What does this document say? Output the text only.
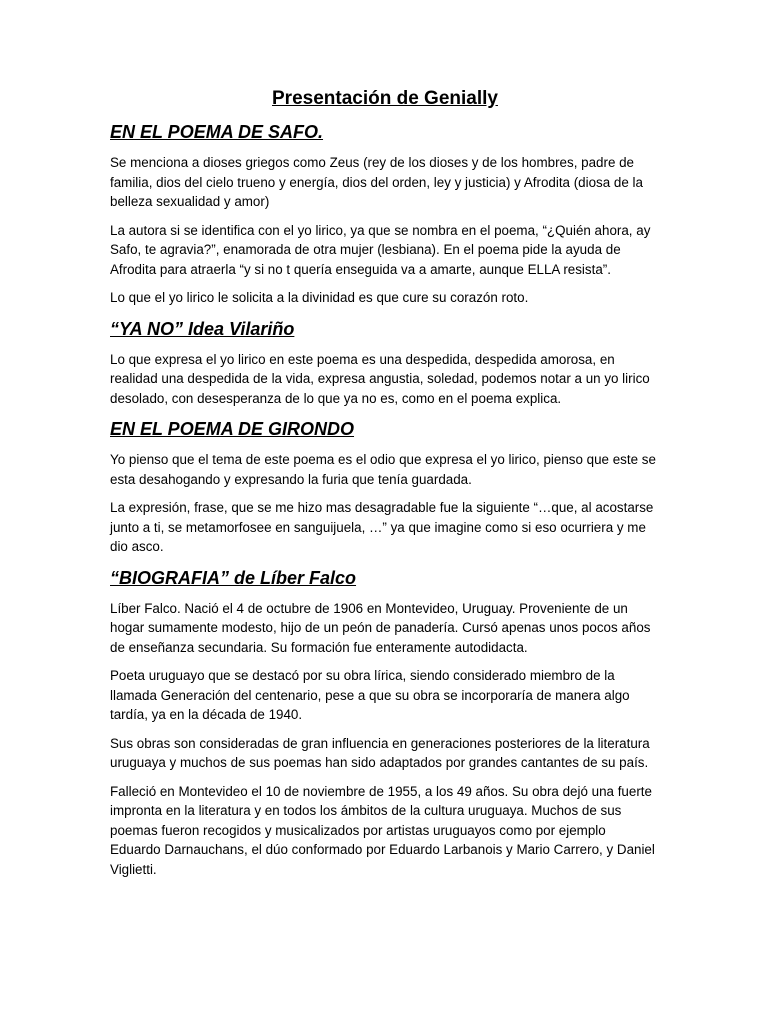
Presentación de Genially
EN EL POEMA DE SAFO.

Se menciona a dioses griegos como Zeus (rey de los dioses y de los hombres, padre de familia, dios del cielo trueno y energía, dios del orden, ley y justicia) y Afrodita (diosa de la belleza sexualidad y amor)

La autora si se identifica con el yo lirico, ya que se nombra en el poema, “¿Quién ahora, ay Safo, te agravia?”, enamorada de otra mujer (lesbiana). En el poema pide la ayuda de Afrodita para atraerla “y si no t quería enseguida va a amarte, aunque ELLA resista”.

Lo que el yo lirico le solicita a la divinidad es que cure su corazón roto.

“YA NO” Idea Vilariño

Lo que expresa el yo lirico en este poema es una despedida, despedida amorosa, en realidad una despedida de la vida, expresa angustia, soledad, podemos notar a un yo lirico desolado, con desesperanza de lo que ya no es, como en el poema explica.

EN EL POEMA DE GIRONDO

Yo pienso que el tema de este poema es el odio que expresa el yo lirico, pienso que este se esta desahogando y expresando la furia que tenía guardada.

La expresión, frase, que se me hizo mas desagradable fue la siguiente “…que, al acostarse junto a ti, se metamorfosee en sanguijuela, …” ya que imagine como si eso ocurriera y me dio asco.

“BIOGRAFIA” de Líber Falco

Líber Falco. Nació el 4 de octubre de 1906 en Montevideo, Uruguay. Proveniente de un hogar sumamente modesto, hijo de un peón de panadería. Cursó apenas unos pocos años de enseñanza secundaria. Su formación fue enteramente autodidacta.

Poeta uruguayo que se destacó por su obra lírica, siendo considerado miembro de la llamada Generación del centenario, pese a que su obra se incorporaría de manera algo tardía, ya en la década de 1940.

Sus obras son consideradas de gran influencia en generaciones posteriores de la literatura uruguaya y muchos de sus poemas han sido adaptados por grandes cantantes de su país.

Falleció en Montevideo el 10 de noviembre de 1955, a los 49 años. Su obra dejó una fuerte impronta en la literatura y en todos los ámbitos de la cultura uruguaya. Muchos de sus poemas fueron recogidos y musicalizados por artistas uruguayos como por ejemplo Eduardo Darnauchans, el dúo conformado por Eduardo Larbanois y Mario Carrero, y Daniel Viglietti.
